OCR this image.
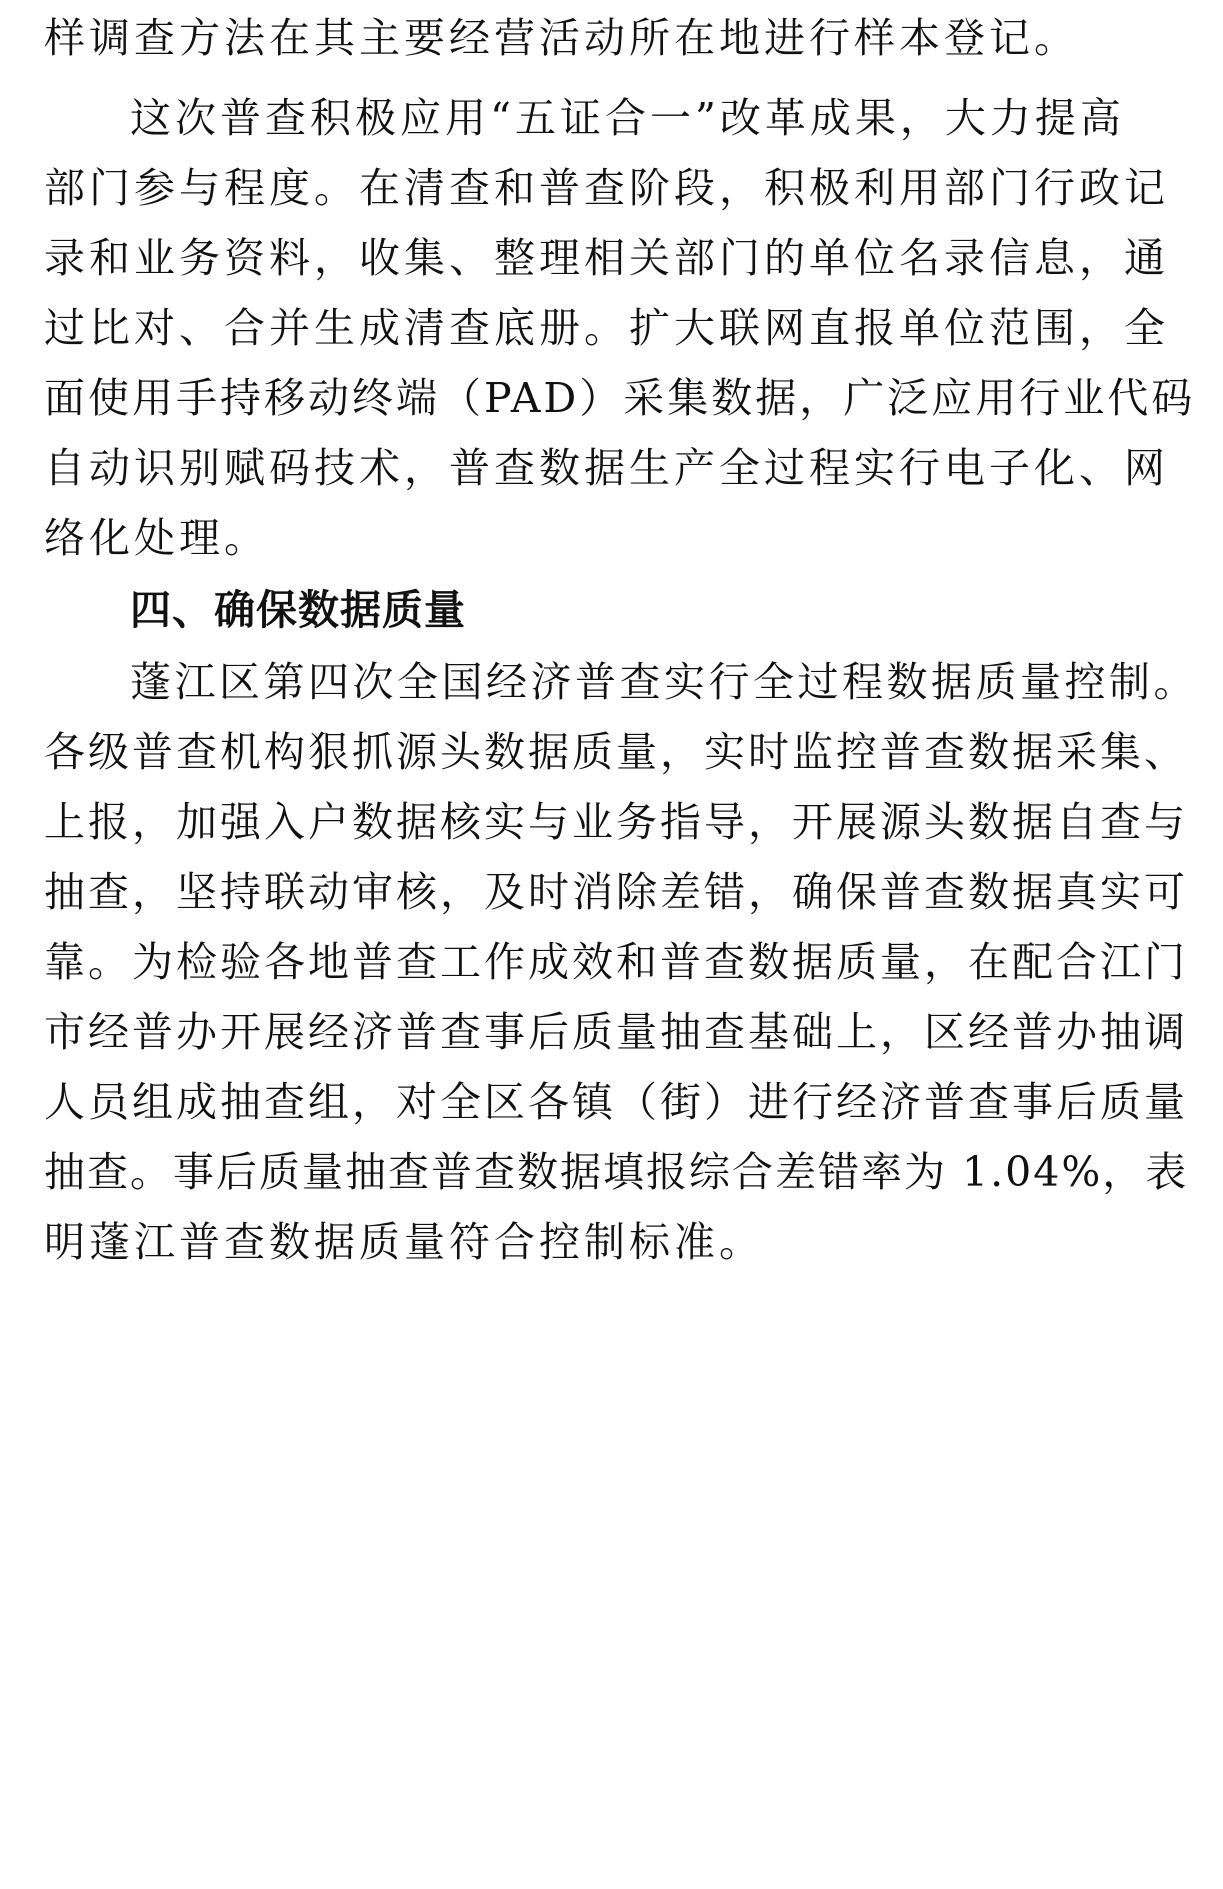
样调查方法在其主要经营活动所在地进行样本登记。
这次普查积极应用“五证合一”改革成果，大力提高
部门参与程度。在清查和普查阶段，积极利用部门行政记
录和业务资料，收集、整理相关部门的单位名录信息，通
过比对、合并生成清查底册。扩大联网直报单位范围，全
面使用手持移动终端（PAD）采集数据，广泛应用行业代码
自动识别赋码技术，普查数据生产全过程实行电子化、网
络化处理。
四、确保数据质量
蓬江区第四次全国经济普查实行全过程数据质量控制。
各级普查机构狠抓源头数据质量，实时监控普查数据采集、
上报，加强入户数据核实与业务指导，开展源头数据自查与
抽查，坚持联动审核，及时消除差错，确保普查数据真实可
靠。为检验各地普查工作成效和普查数据质量，在配合江门
市经普办开展经济普查事后质量抽查基础上，区经普办抽调
人员组成抽查组，对全区各镇（街）进行经济普查事后质量
抽查。事后质量抽查普查数据填报综合差错率为 1.04%，表
明蓬江普查数据质量符合控制标准。
